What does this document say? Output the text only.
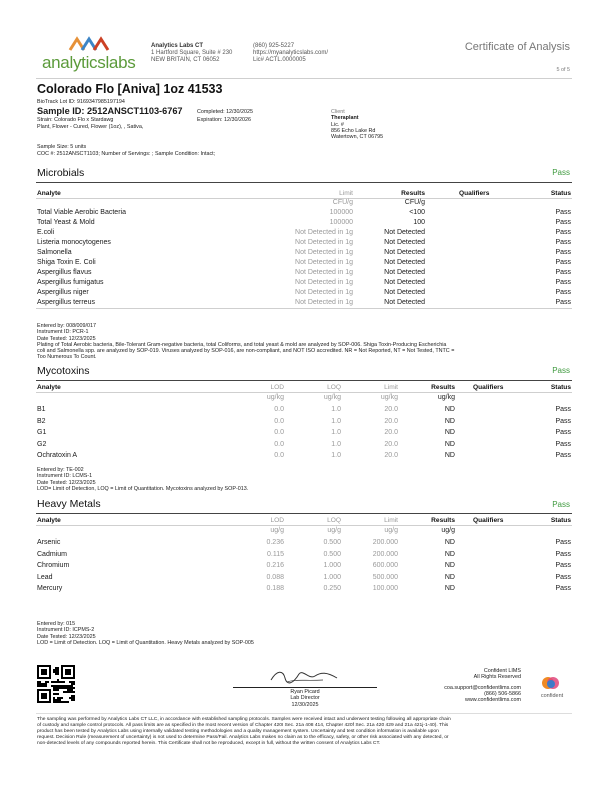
analyticslabs
Analytics Labs CT
1 Hartford Square, Suite # 230
NEW BRITAIN, CT 06052
(860) 925-5227
https://myanalyticslabs.com/
Lic# ACTL.0000005
Certificate of Analysis
5 of 5
Colorado Flo [Aniva] 1oz 41533
BioTrack Lot ID: 9169347985197194
Sample ID: 2512ANSCT1103-6767
Strain: Colorado Flo x Stardawg
Plant, Flower - Cured, Flower (1oz), , Sativa,
Completed: 12/30/2025
Expiration: 12/30/2026
Sample Size: 5 units
COC #: 2512ANSCT1103; Number of Servings: ; Sample Condition: Intact;
Client
Theraplant
Lic. #
856 Echo Lake Rd
Watertown, CT 06795
Microbials	Pass
Analyte	Limit	Results	Qualifiers	Status
CFU/g	CFU/g
Total Viable Aerobic Bacteria	100000	<100	Pass
Total Yeast & Mold	100000	100	Pass
E.coli	Not Detected in 1g	Not Detected	Pass
Listeria monocytogenes	Not Detected in 1g	Not Detected	Pass
Salmonella	Not Detected in 1g	Not Detected	Pass
Shiga Toxin E. Coli	Not Detected in 1g	Not Detected	Pass
Aspergillus flavus	Not Detected in 1g	Not Detected	Pass
Aspergillus fumigatus	Not Detected in 1g	Not Detected	Pass
Aspergillus niger	Not Detected in 1g	Not Detected	Pass
Aspergillus terreus	Not Detected in 1g	Not Detected	Pass
Entered by: 008/009/017
Instrument ID: PCR-1
Date Tested: 12/23/2025
Plating of Total Aerobic bacteria, Bile-Tolerant Gram-negative bacteria, total Coliforms, and total yeast & mold are analyzed by SOP-006. Shiga Toxin-Producing Escherichia
coli and Salmonella spp. are analyzed by SOP-019. Viruses analyzed by SOP-016, are non-compliant, and NOT ISO accredited. NR = Not Reported, NT = Not Tested, TNTC =
Too Numerous To Count.
Mycotoxins	Pass
Analyte	LOD	LOQ	Limit	Results	Qualifiers	Status
ug/kg	ug/kg	ug/kg	ug/kg
B1	0.0	1.0	20.0	ND	Pass
B2	0.0	1.0	20.0	ND	Pass
G1	0.0	1.0	20.0	ND	Pass
G2	0.0	1.0	20.0	ND	Pass
Ochratoxin A	0.0	1.0	20.0	ND	Pass
Entered by: TE-002
Instrument ID: LCMS-1
Date Tested: 12/23/2025
LOD= Limit of Detection, LOQ = Limit of Quantitation. Mycotoxins analyzed by SOP-013.
Heavy Metals	Pass
Analyte	LOD	LOQ	Limit	Results	Qualifiers	Status
ug/g	ug/g	ug/g	ug/g
Arsenic	0.236	0.500	200.000	ND	Pass
Cadmium	0.115	0.500	200.000	ND	Pass
Chromium	0.216	1.000	600.000	ND	Pass
Lead	0.088	1.000	500.000	ND	Pass
Mercury	0.188	0.250	100.000	ND	Pass
Entered by: 015
Instrument ID: ICPMS-2
Date Tested: 12/23/2025
LOD = Limit of Detection. LOQ = Limit of Quantitation. Heavy Metals analyzed by SOP-005
Ryan Picard
Lab Director
12/30/2025
Confident LIMS
All Rights Reserved
coa.support@confidentlims.com
(866) 506-5866
www.confidentlims.com
confident
The sampling was performed by Analytics Labs CT LLC, in accordance with established sampling protocols. Samples were received intact and underwent testing following all appropriate chain
of custody and sample control protocols. All pass limits are as specified in the most recent version of Chapter 420I Sec. 21a 408 414, Chapter 420f Sec. 21a 420 429 and 21a 421j-1-40). This
product has been tested by Analytics Labs using internally validated testing methodologies and a quality management system. Uncertainty and test condition information is available upon
request. Decision Rule (measurement of uncertainty) is not used to determine Pass/Fail. Analytics Labs makes no claim as to the efficacy, safety, or other risk associated with any detected, or
non-detected levels of any compounds reported herein. This Certificate shall not be reproduced, except in full, without the written consent of Analytics Labs CT.
